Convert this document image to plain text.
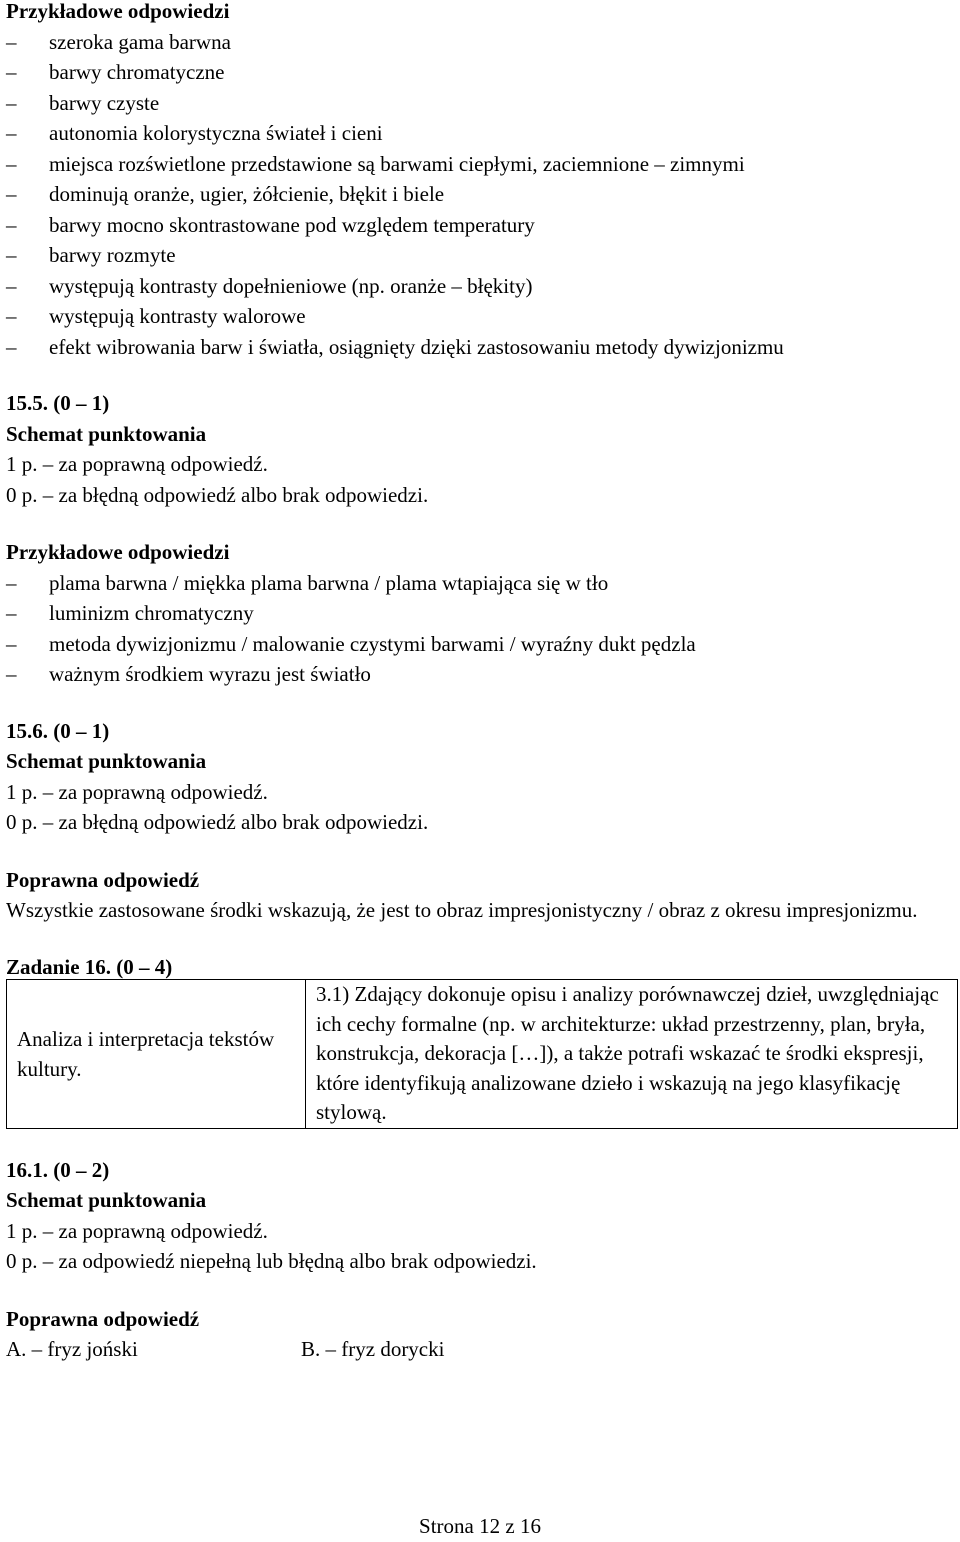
Przykładowe odpowiedzi
– szeroka gama barwna
– barwy chromatyczne
– barwy czyste
– autonomia kolorystyczna świateł i cieni
– miejsca rozświetlone przedstawione są barwami ciepłymi, zaciemnione – zimnymi
– dominują oranże, ugier, żółcienie, błękit i biele
– barwy mocno skontrastowane pod względem temperatury
– barwy rozmyte
– występują kontrasty dopełnieniowe (np. oranże – błękity)
– występują kontrasty walorowe
– efekt wibrowania barw i światła, osiągnięty dzięki zastosowaniu metody dywizjonizmu
15.5. (0 – 1)
Schemat punktowania
1 p. – za poprawną odpowiedź.
0 p. – za błędną odpowiedź albo brak odpowiedzi.
Przykładowe odpowiedzi
– plama barwna / miękka plama barwna / plama wtapiająca się w tło
– luminizm chromatyczny
– metoda dywizjonizmu / malowanie czystymi barwami / wyraźny dukt pędzla
– ważnym środkiem wyrazu jest światło
15.6. (0 – 1)
Schemat punktowania
1 p. – za poprawną odpowiedź.
0 p. – za błędną odpowiedź albo brak odpowiedzi.
Poprawna odpowiedź
Wszystkie zastosowane środki wskazują, że jest to obraz impresjonistyczny / obraz z okresu impresjonizmu.
Zadanie 16. (0 – 4)
Analiza i interpretacja tekstów kultury.	3.1) Zdający dokonuje opisu i analizy porównawczej dzieł, uwzględniając ich cechy formalne (np. w architekturze: układ przestrzenny, plan, bryła, konstrukcja, dekoracja […]), a także potrafi wskazać te środki ekspresji, które identyfikują analizowane dzieło i wskazują na jego klasyfikację stylową.
16.1. (0 – 2)
Schemat punktowania
1 p. – za poprawną odpowiedź.
0 p. – za odpowiedź niepełną lub błędną albo brak odpowiedzi.
Poprawna odpowiedź
A. – fryz joński	B. – fryz dorycki
Strona 12 z 16
